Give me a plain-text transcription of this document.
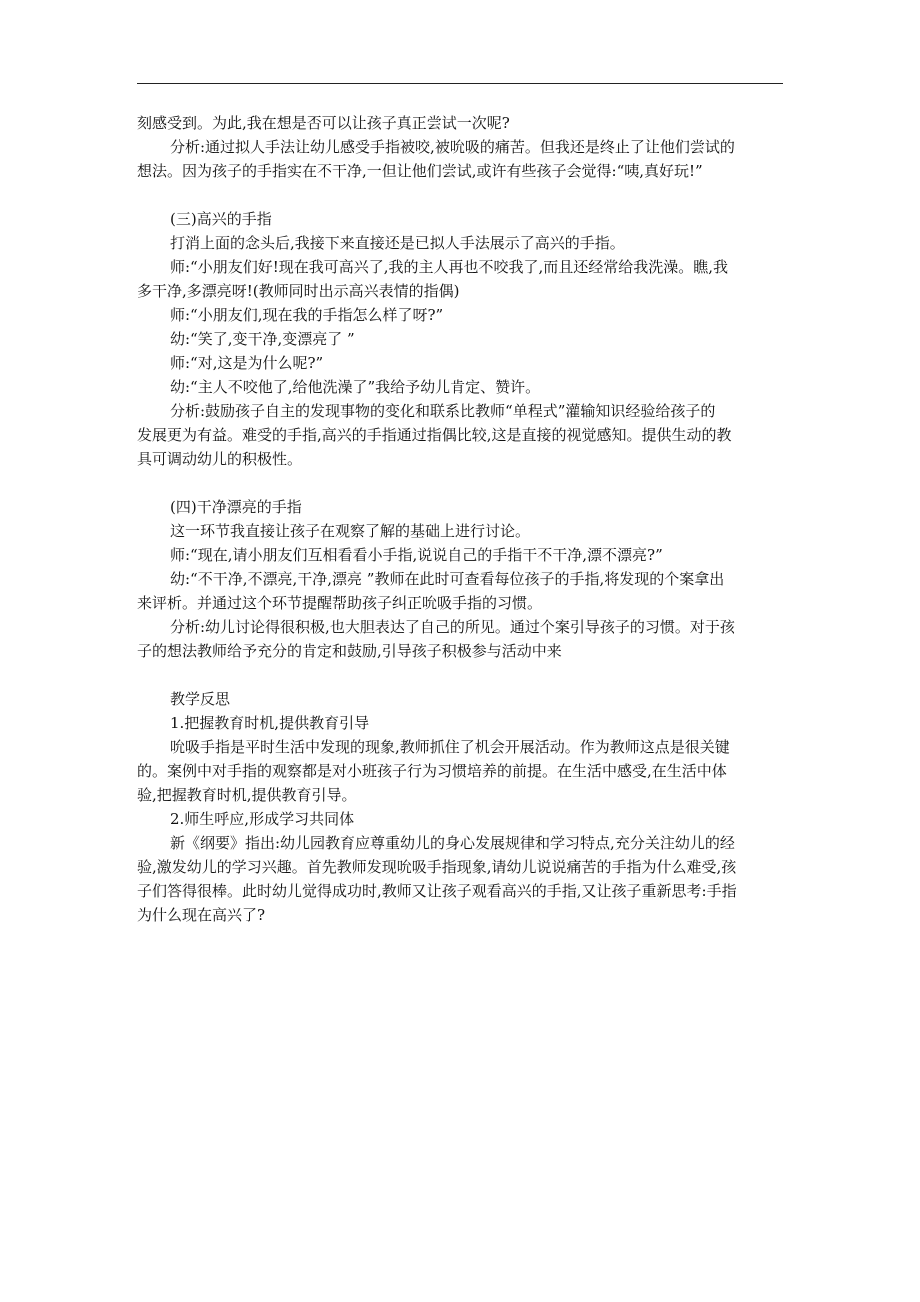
刻感受到。为此,我在想是否可以让孩子真正尝试一次呢?

分析:通过拟人手法让幼儿感受手指被咬,被吮吸的痛苦。但我还是终止了让他们尝试的

想法。因为孩子的手指实在不干净,一但让他们尝试,或许有些孩子会觉得:“咦,真好玩!”

(三)高兴的手指

打消上面的念头后,我接下来直接还是已拟人手法展示了高兴的手指。

师:“小朋友们好!现在我可高兴了,我的主人再也不咬我了,而且还经常给我洗澡。瞧,我

多干净,多漂亮呀!(教师同时出示高兴表情的指偶)

师:“小朋友们,现在我的手指怎么样了呀?”

幼:“笑了,变干净,变漂亮了 ”

师:“对,这是为什么呢?”

幼:“主人不咬他了,给他洗澡了”我给予幼儿肯定、赞许。

分析:鼓励孩子自主的发现事物的变化和联系比教师“单程式”灌输知识经验给孩子的

发展更为有益。难受的手指,高兴的手指通过指偶比较,这是直接的视觉感知。提供生动的教

具可调动幼儿的积极性。

(四)干净漂亮的手指

这一环节我直接让孩子在观察了解的基础上进行讨论。

师:“现在,请小朋友们互相看看小手指,说说自己的手指干不干净,漂不漂亮?”

幼:“不干净,不漂亮,干净,漂亮 ”教师在此时可查看每位孩子的手指,将发现的个案拿出

来评析。并通过这个环节提醒帮助孩子纠正吮吸手指的习惯。

分析:幼儿讨论得很积极,也大胆表达了自己的所见。通过个案引导孩子的习惯。对于孩

子的想法教师给予充分的肯定和鼓励,引导孩子积极参与活动中来

教学反思

1.把握教育时机,提供教育引导

吮吸手指是平时生活中发现的现象,教师抓住了机会开展活动。作为教师这点是很关键

的。案例中对手指的观察都是对小班孩子行为习惯培养的前提。在生活中感受,在生活中体

验,把握教育时机,提供教育引导。

2.师生呼应,形成学习共同体

新《纲要》指出:幼儿园教育应尊重幼儿的身心发展规律和学习特点,充分关注幼儿的经

验,激发幼儿的学习兴趣。首先教师发现吮吸手指现象,请幼儿说说痛苦的手指为什么难受,孩

子们答得很棒。此时幼儿觉得成功时,教师又让孩子观看高兴的手指,又让孩子重新思考:手指

为什么现在高兴了?
